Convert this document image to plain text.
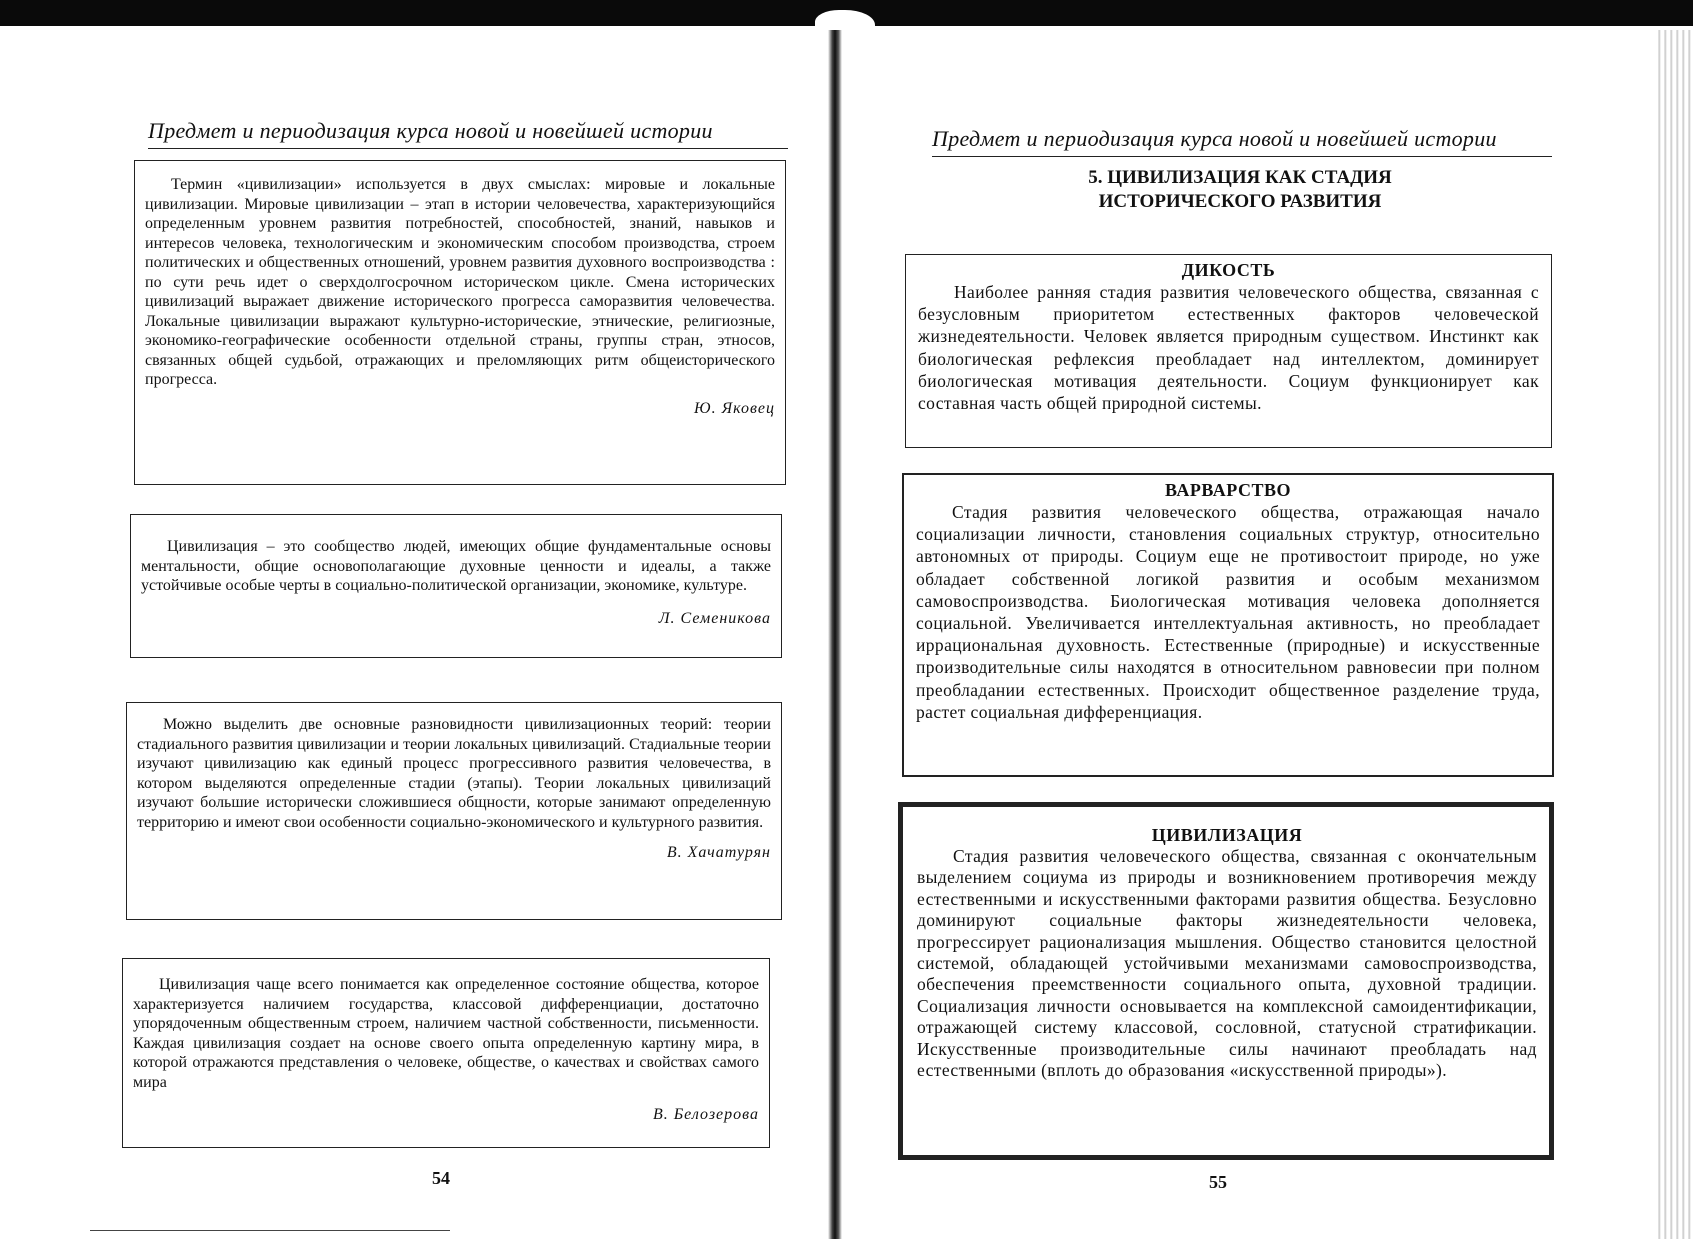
Предмет и периодизация курса новой и новейшей истории

Термин «цивилизации» используется в двух смыслах: мировые и локальные цивилизации. Мировые цивилизации – этап в истории человечества, характеризующийся определенным уровнем развития потребностей, способностей, знаний, навыков и интересов человека, технологическим и экономическим способом производства, строем политических и общественных отношений, уровнем развития духовного воспроизводства : по сути речь идет о сверхдолгосрочном историческом цикле. Смена исторических цивилизаций выражает движение исторического прогресса саморазвития человечества. Локальные цивилизации выражают культурно-исторические, этнические, религиозные, экономико-географические особенности отдельной страны, группы стран, этносов, связанных общей судьбой, отражающих и преломляющих ритм общеисторического прогресса.

Ю. Яковец

Цивилизация – это сообщество людей, имеющих общие фундаментальные основы ментальности, общие основополагающие духовные ценности и идеалы, а также устойчивые особые черты в социально-политической организации, экономике, культуре.

Л. Семеникова

Можно выделить две основные разновидности цивилизационных теорий: теории стадиального развития цивилизации и теории локальных цивилизаций. Стадиальные теории изучают цивилизацию как единый процесс прогрессивного развития человечества, в котором выделяются определенные стадии (этапы). Теории локальных цивилизаций изучают большие исторически сложившиеся общности, которые занимают определенную территорию и имеют свои особенности социально-экономического и культурного развития.

В. Хачатурян

Цивилизация чаще всего понимается как определенное состояние общества, которое характеризуется наличием государства, классовой дифференциации, достаточно упорядоченным общественным строем, наличием частной собственности, письменности. Каждая цивилизация создает на основе своего опыта определенную картину мира, в которой отражаются представления о человеке, обществе, о качествах и свойствах самого мира

В. Белозерова
54
Предмет и периодизация курса новой и новейшей истории
5. ЦИВИЛИЗАЦИЯ КАК СТАДИЯ
ИСТОРИЧЕСКОГО РАЗВИТИЯ

ДИКОСТЬ

Наиболее ранняя стадия развития человеческого общества, связанная с безусловным приоритетом естественных факторов человеческой жизнедеятельности. Человек является природным существом. Инстинкт как биологическая рефлексия преобладает над интеллектом, доминирует биологическая мотивация деятельности. Социум функционирует как составная часть общей природной системы.

ВАРВАРСТВО

Стадия развития человеческого общества, отражающая начало социализации личности, становления социальных структур, относительно автономных от природы. Социум еще не противостоит природе, но уже обладает собственной логикой развития и особым механизмом самовоспроизводства. Биологическая мотивация человека дополняется социальной. Увеличивается интеллектуальная активность, но преобладает иррациональная духовность. Естественные (природные) и искусственные производительные силы находятся в относительном равновесии при полном преобладании естественных. Происходит общественное разделение труда, растет социальная дифференциация.

ЦИВИЛИЗАЦИЯ

Стадия развития человеческого общества, связанная с окончательным выделением социума из природы и возникновением противоречия между естественными и искусственными факторами развития общества. Безусловно доминируют социальные факторы жизнедеятельности человека, прогрессирует рационализация мышления. Общество становится целостной системой, обладающей устойчивыми механизмами самовоспроизводства, обеспечения преемственности социального опыта, духовной традиции. Социализация личности основывается на комплексной самоидентификации, отражающей систему классовой, сословной, статусной стратификации. Искусственные производительные силы начинают преобладать над естественными (вплоть до образования «искусственной природы»).

55
